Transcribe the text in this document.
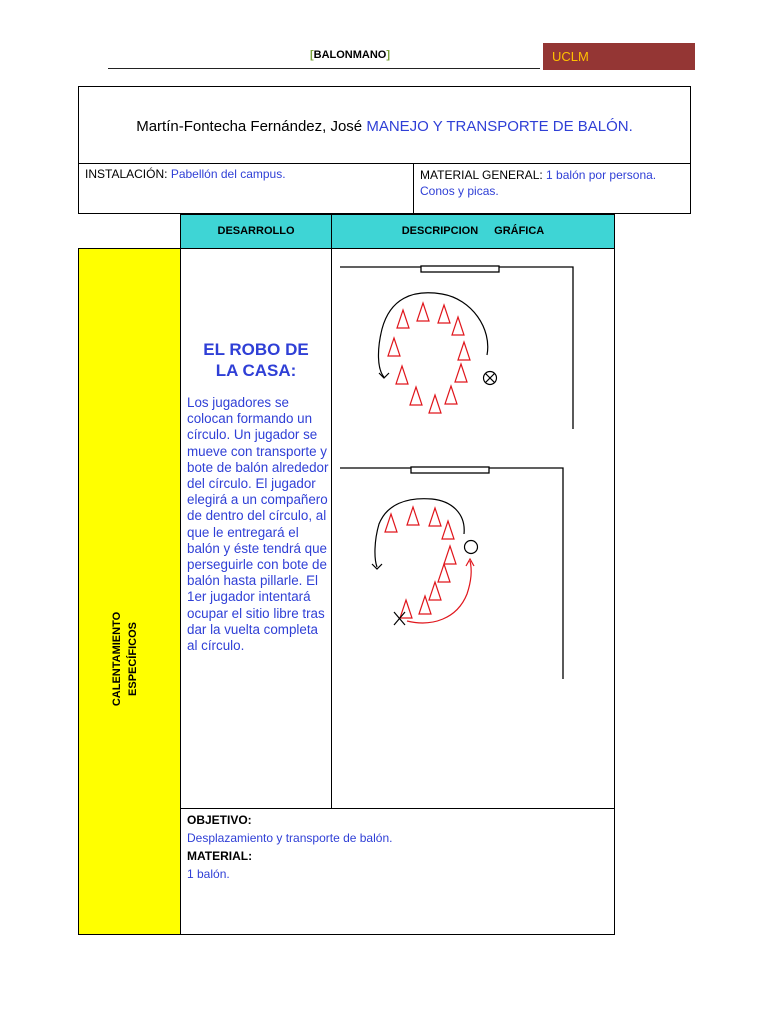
[BALONMANO]	UCLM
Martín-Fontecha Fernández, José MANEJO Y TRANSPORTE DE BALÓN.
INSTALACIÓN: Pabellón del campus.	MATERIAL GENERAL: 1 balón por persona.
Conos y picas.
DESARROLLO	DESCRIPCION GRÁFICA
CALENTAMIENTO ESPECÍFICOS
EL ROBO DE
LA CASA:
Los jugadores se colocan formando un círculo. Un jugador se mueve con transporte y bote de balón alrededor del círculo. El jugador elegirá a un compañero de dentro del círculo, al que le entregará el balón y éste tendrá que perseguirle con bote de balón hasta pillarle. El 1er jugador intentará ocupar el sitio libre tras dar la vuelta completa al círculo.
OBJETIVO:
Desplazamiento y transporte de balón.
MATERIAL:
1 balón.
